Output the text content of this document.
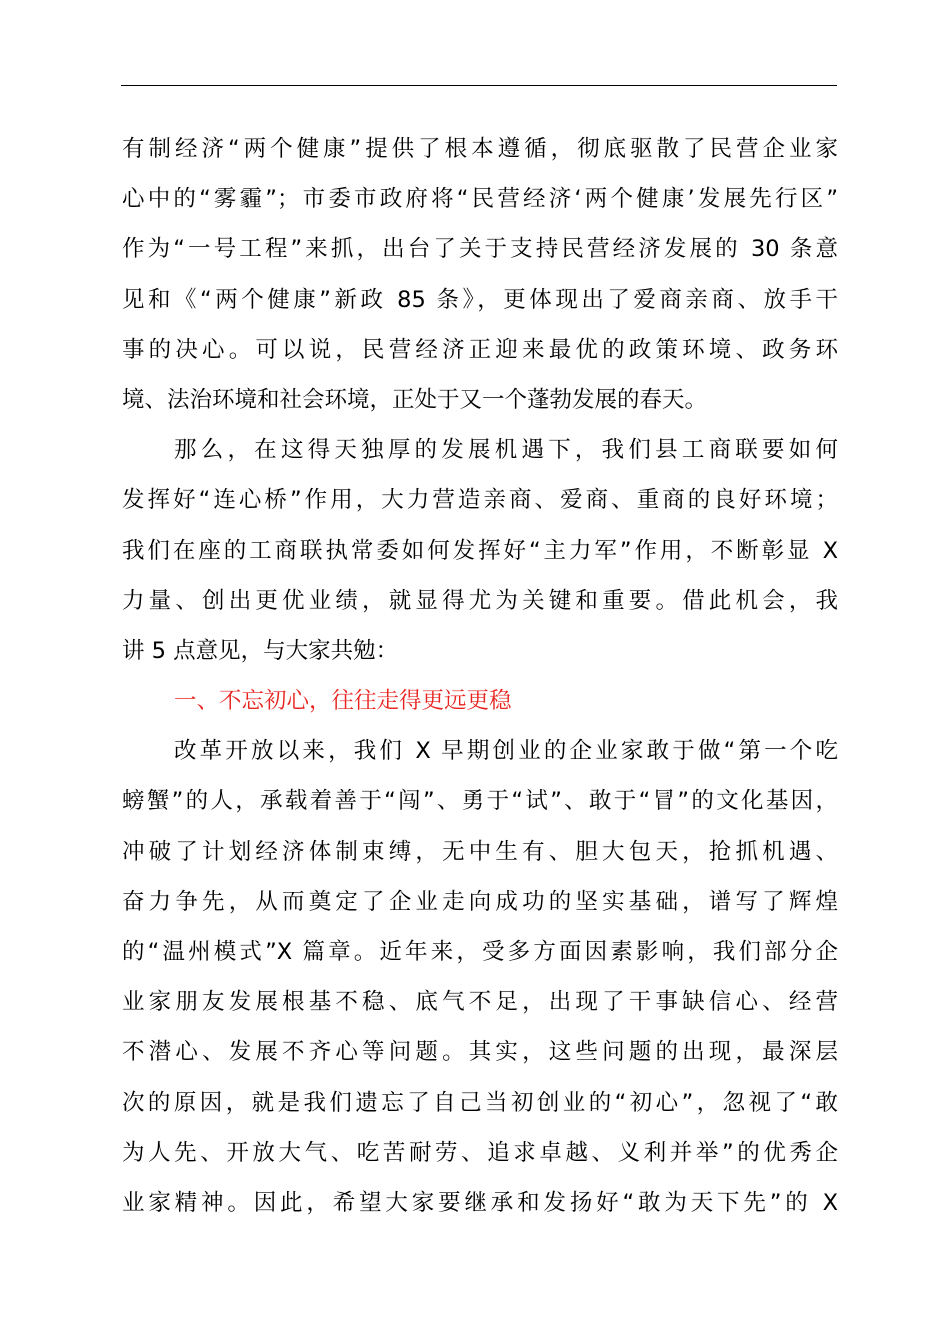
有制经济“两个健康”提供了根本遵循，彻底驱散了民营企业家
心中的“雾霾”；市委市政府将“民营经济‘两个健康’发展先行区”
作为“一号工程”来抓，出台了关于支持民营经济发展的 30 条意
见和《“两个健康”新政 85 条》，更体现出了爱商亲商、放手干
事的决心。可以说，民营经济正迎来最优的政策环境、政务环
境、法治环境和社会环境，正处于又一个蓬勃发展的春天。
那么，在这得天独厚的发展机遇下，我们县工商联要如何
发挥好“连心桥”作用，大力营造亲商、爱商、重商的良好环境；
我们在座的工商联执常委如何发挥好“主力军”作用，不断彰显 X
力量、创出更优业绩，就显得尤为关键和重要。借此机会，我
讲 5 点意见，与大家共勉：
一、不忘初心，往往走得更远更稳
改革开放以来，我们 X 早期创业的企业家敢于做“第一个吃
螃蟹”的人，承载着善于“闯”、勇于“试”、敢于“冒”的文化基因，
冲破了计划经济体制束缚，无中生有、胆大包天，抢抓机遇、
奋力争先，从而奠定了企业走向成功的坚实基础，谱写了辉煌
的“温州模式”X 篇章。近年来，受多方面因素影响，我们部分企
业家朋友发展根基不稳、底气不足，出现了干事缺信心、经营
不潜心、发展不齐心等问题。其实，这些问题的出现，最深层
次的原因，就是我们遗忘了自己当初创业的“初心”，忽视了“敢
为人先、开放大气、吃苦耐劳、追求卓越、义利并举”的优秀企
业家精神。因此，希望大家要继承和发扬好“敢为天下先”的 X
